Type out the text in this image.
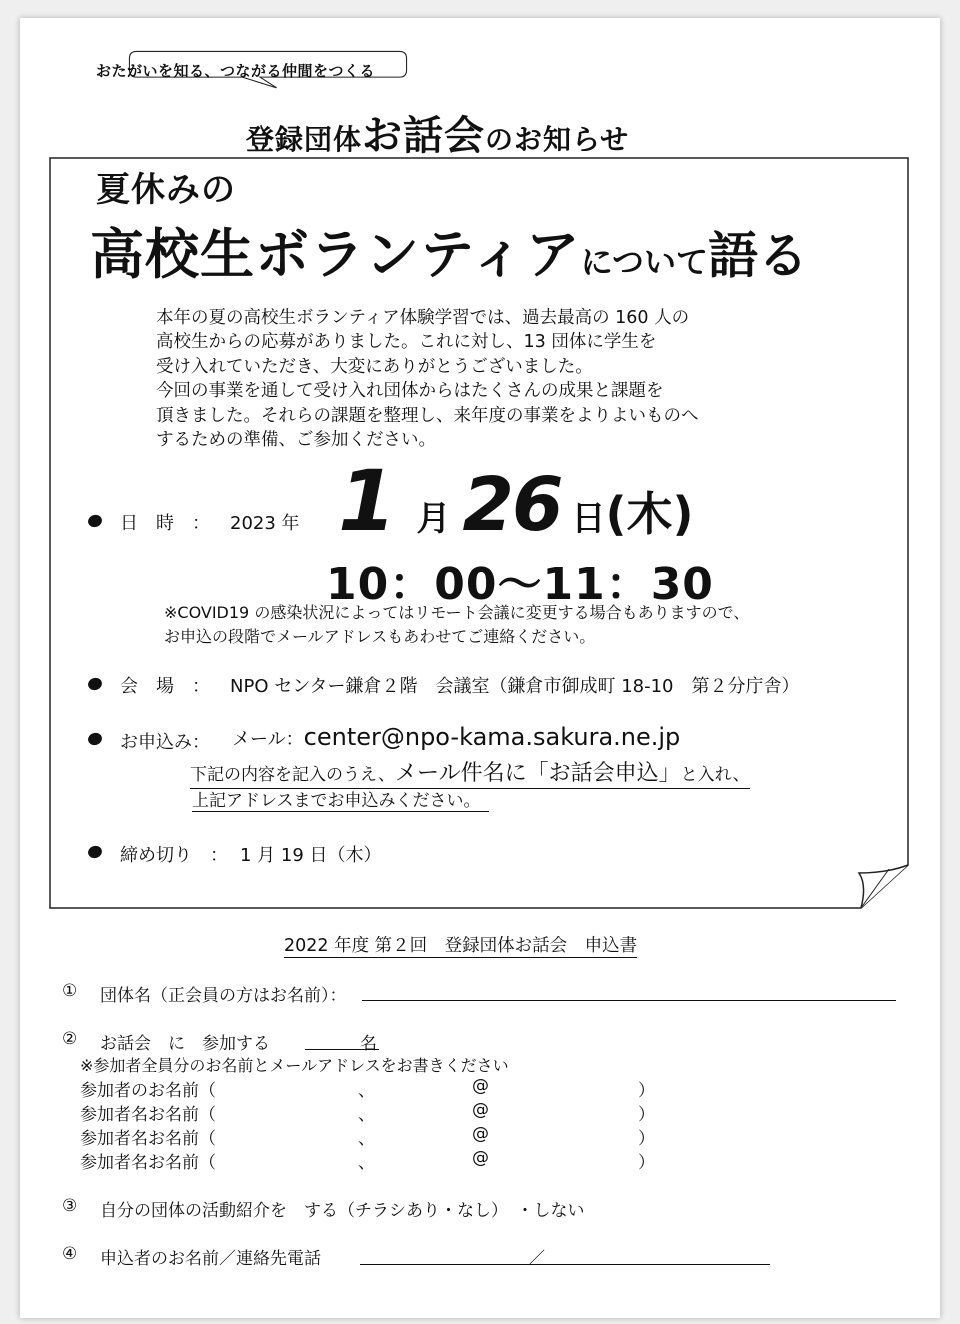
おたがいを知る、つながる仲間をつくる
登録団体お話会のお知らせ
夏休みの
高校生ボランティアについて語る
本年の夏の高校生ボランティア体験学習では、過去最高の 160 人の
高校生からの応募がありました。これに対し、13 団体に学生を
受け入れていただき、大変にありがとうございました。
今回の事業を通して受け入れ団体からはたくさんの成果と課題を
頂きました。それらの課題を整理し、来年度の事業をよりよいものへ
するための準備、ご参加ください。
日　時　： 2023 年 1 月 26 日(木)
10：00～11：30
※COVID19 の感染状況によってはリモート会議に変更する場合もありますので、
お申込の段階でメールアドレスもあわせてご連絡ください。
会　場　： NPO センター鎌倉２階　会議室（鎌倉市御成町 18-10　第２分庁舎）
お申込み： メール：center@npo-kama.sakura.ne.jp
下記の内容を記入のうえ、メール件名に「お話会申込」と入れ、
上記アドレスまでお申込みください。
締め切り　： 1 月 19 日（木）
2022 年度 第２回　登録団体お話会　申込書
① 団体名（正会員の方はお名前）：
② お話会　に　参加する	名
※参加者全員分のお名前とメールアドレスをお書きください
参加者のお名前（	、	@	）
参加者名お名前（	、	@	）
参加者名お名前（	、	@	）
参加者名お名前（	、	@	）
③ 自分の団体の活動紹介を　する（チラシあり・なし）　・しない
④ 申込者のお名前／連絡先電話	／
